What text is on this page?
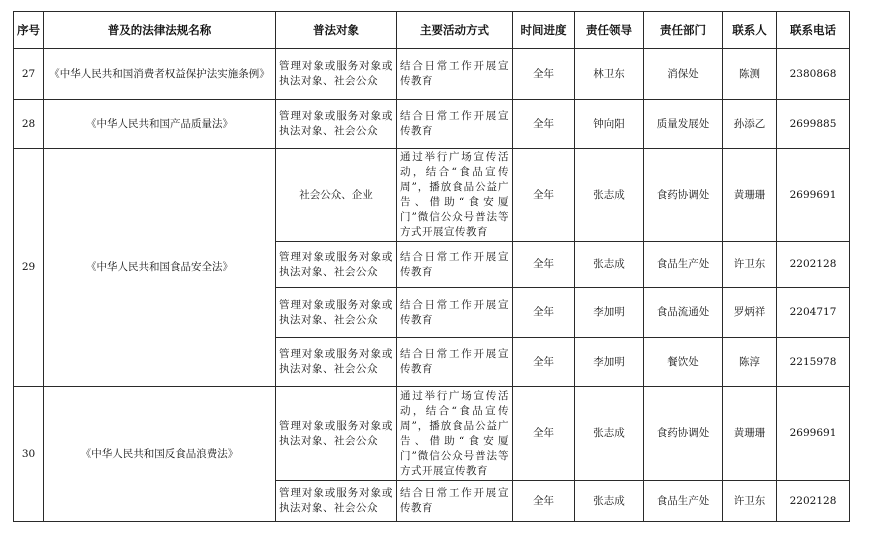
序号	普及的法律法规名称	普法对象	主要活动方式	时间进度	责任领导	责任部门	联系人	联系电话
27	《中华人民共和国消费者权益保护法实施条例》	管理对象或服务对象或执法对象、社会公众	结合日常工作开展宣传教育	全年	林卫东	消保处	陈测	2380868
28	《中华人民共和国产品质量法》	管理对象或服务对象或执法对象、社会公众	结合日常工作开展宣传教育	全年	钟向阳	质量发展处	孙添乙	2699885
29	《中华人民共和国食品安全法》	社会公众、企业	通过举行广场宣传活动，结合“食品宣传周”，播放食品公益广告、借助“食安厦门”微信公众号普法等方式开展宣传教育	全年	张志成	食药协调处	黄珊珊	2699691
		管理对象或服务对象或执法对象、社会公众	结合日常工作开展宣传教育	全年	张志成	食品生产处	许卫东	2202128
		管理对象或服务对象或执法对象、社会公众	结合日常工作开展宣传教育	全年	李加明	食品流通处	罗炳祥	2204717
		管理对象或服务对象或执法对象、社会公众	结合日常工作开展宣传教育	全年	李加明	餐饮处	陈淳	2215978
30	《中华人民共和国反食品浪费法》	管理对象或服务对象或执法对象、社会公众	通过举行广场宣传活动，结合“食品宣传周”，播放食品公益广告、借助“食安厦门”微信公众号普法等方式开展宣传教育	全年	张志成	食药协调处	黄珊珊	2699691
		管理对象或服务对象或执法对象、社会公众	结合日常工作开展宣传教育	全年	张志成	食品生产处	许卫东	2202128
